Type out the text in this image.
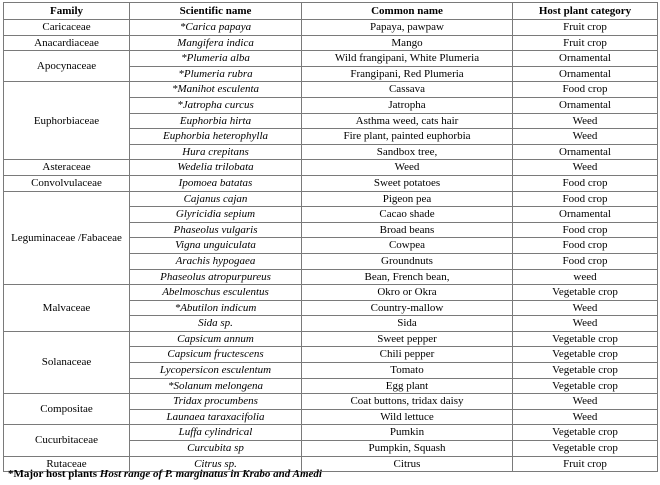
Family	Scientific name	Common name	Host plant category
Caricaceae	*Carica papaya	Papaya, pawpaw	Fruit crop
Anacardiaceae	Mangifera indica	Mango	Fruit crop
Apocynaceae	*Plumeria alba	Wild frangipani, White Plumeria	Ornamental
	*Plumeria rubra	Frangipani, Red Plumeria	Ornamental
Euphorbiaceae	*Manihot esculenta	Cassava	Food crop
	*Jatropha curcus	Jatropha	Ornamental
	Euphorbia hirta	Asthma weed, cats hair	Weed
	Euphorbia heterophylla	Fire plant, painted euphorbia	Weed
	Hura crepitans	Sandbox tree,	Ornamental
Asteraceae	Wedelia trilobata	Weed	Weed
Convolvulaceae	Ipomoea batatas	Sweet potatoes	Food crop
Leguminaceae /Fabaceae	Cajanus cajan	Pigeon pea	Food crop
	Glyricidia sepium	Cacao shade	Ornamental
	Phaseolus vulgaris	Broad beans	Food crop
	Vigna unguiculata	Cowpea	Food crop
	Arachis hypogaea	Groundnuts	Food crop
	Phaseolus atropurpureus	Bean, French bean,	weed
Malvaceae	Abelmoschus esculentus	Okro or Okra	Vegetable crop
	*Abutilon indicum	Country-mallow	Weed
	Sida sp.	Sida	Weed
Solanaceae	Capsicum annum	Sweet pepper	Vegetable crop
	Capsicum fructescens	Chili pepper	Vegetable crop
	Lycopersicon esculentum	Tomato	Vegetable crop
	*Solanum melongena	Egg plant	Vegetable crop
Compositae	Tridax procumbens	Coat buttons, tridax daisy	Weed
	Launaea taraxacifolia	Wild lettuce	Weed
Cucurbitaceae	Luffa cylindrical	Pumkin	Vegetable crop
	Curcubita sp	Pumpkin, Squash	Vegetable crop
Rutaceae	Citrus sp.	Citrus	Fruit crop
*Major host plants Host range of P. marginatus in Krabo and Amedi
